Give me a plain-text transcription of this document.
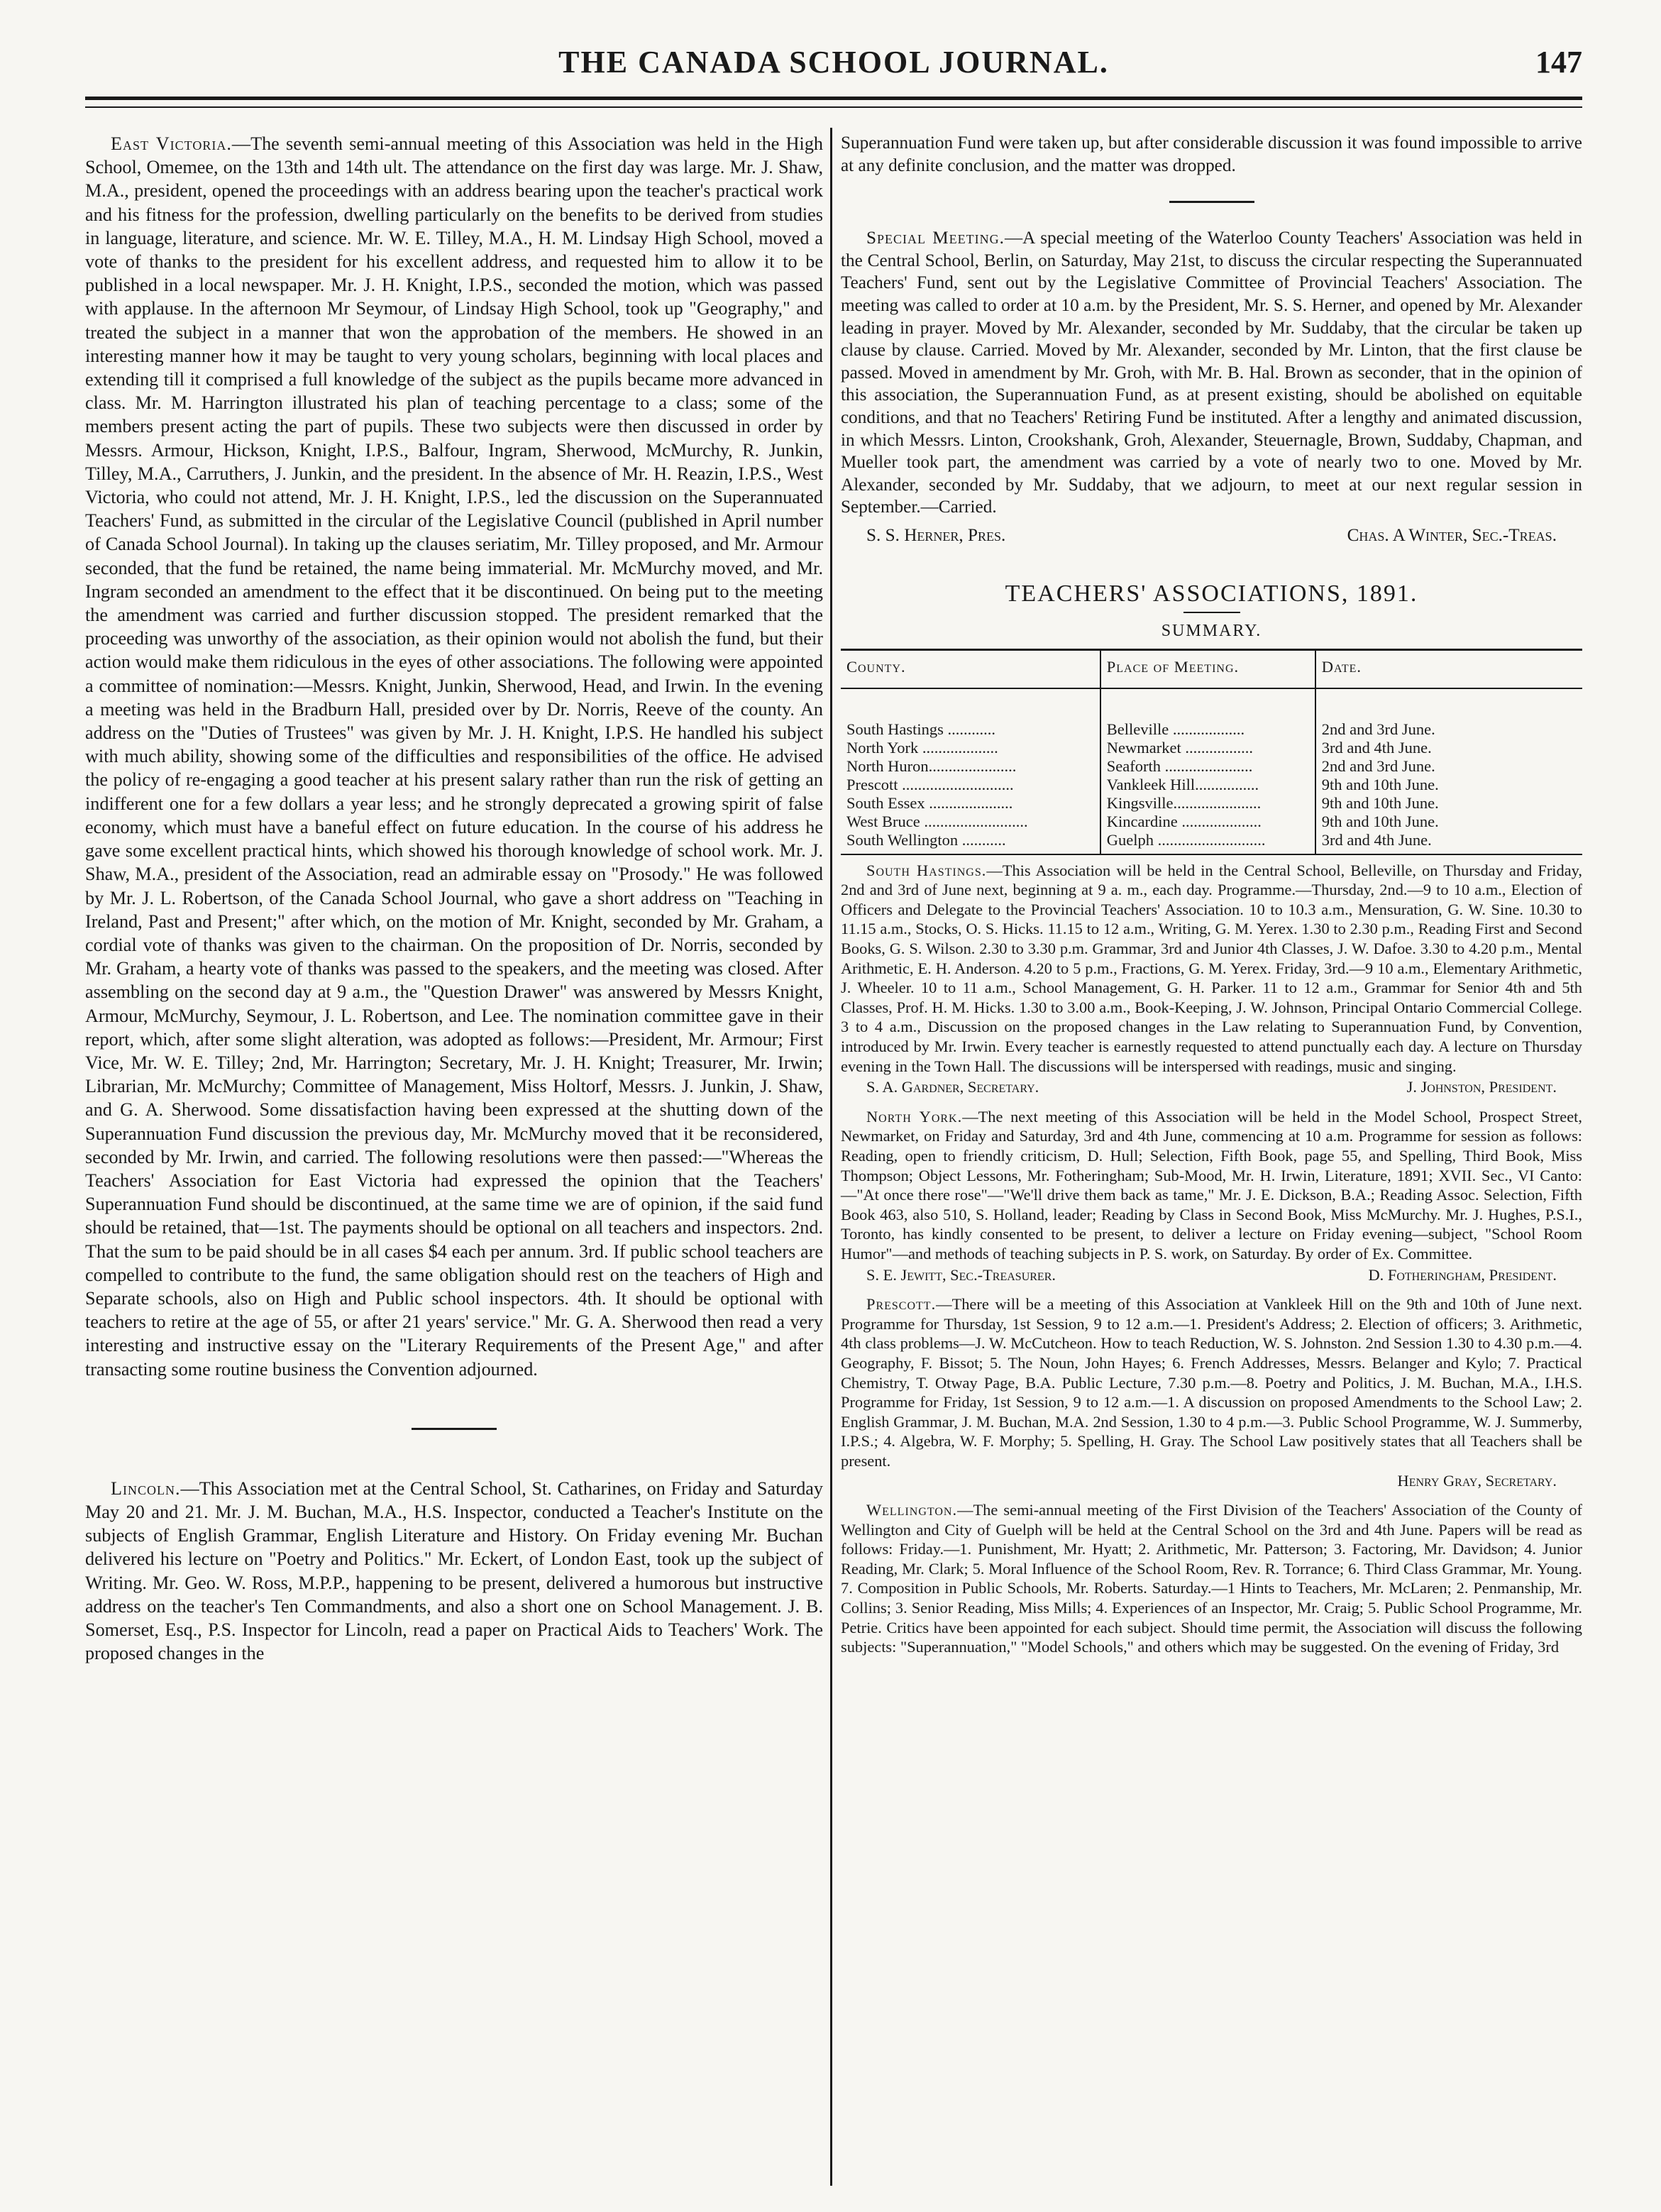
THE CANADA SCHOOL JOURNAL.	147

East Victoria.—The seventh semi-annual meeting of this Association was held in the High School, Omemee, on the 13th and 14th ult. The attendance on the first day was large. Mr. J. Shaw, M.A., president, opened the proceedings with an address bearing upon the teacher's practical work and his fitness for the profession, dwelling particularly on the benefits to be derived from studies in language, literature, and science. Mr. W. E. Tilley, M.A., H. M. Lindsay High School, moved a vote of thanks to the president for his excellent address, and requested him to allow it to be published in a local newspaper. Mr. J. H. Knight, I.P.S., seconded the motion, which was passed with applause. In the afternoon Mr Seymour, of Lindsay High School, took up "Geography," and treated the subject in a manner that won the approbation of the members. He showed in an interesting manner how it may be taught to very young scholars, beginning with local places and extending till it comprised a full knowledge of the subject as the pupils became more advanced in class. Mr. M. Harrington illustrated his plan of teaching percentage to a class; some of the members present acting the part of pupils. These two subjects were then discussed in order by Messrs. Armour, Hickson, Knight, I.P.S., Balfour, Ingram, Sherwood, McMurchy, R. Junkin, Tilley, M.A., Carruthers, J. Junkin, and the president. In the absence of Mr. H. Reazin, I.P.S., West Victoria, who could not attend, Mr. J. H. Knight, I.P.S., led the discussion on the Superannuated Teachers' Fund, as submitted in the circular of the Legislative Council (published in April number of Canada School Journal). In taking up the clauses seriatim, Mr. Tilley proposed, and Mr. Armour seconded, that the fund be retained, the name being immaterial. Mr. McMurchy moved, and Mr. Ingram seconded an amendment to the effect that it be discontinued. On being put to the meeting the amendment was carried and further discussion stopped. The president remarked that the proceeding was unworthy of the association, as their opinion would not abolish the fund, but their action would make them ridiculous in the eyes of other associations. The following were appointed a committee of nomination:—Messrs. Knight, Junkin, Sherwood, Head, and Irwin. In the evening a meeting was held in the Bradburn Hall, presided over by Dr. Norris, Reeve of the county. An address on the "Duties of Trustees" was given by Mr. J. H. Knight, I.P.S. He handled his subject with much ability, showing some of the difficulties and responsibilities of the office. He advised the policy of re-engaging a good teacher at his present salary rather than run the risk of getting an indifferent one for a few dollars a year less; and he strongly deprecated a growing spirit of false economy, which must have a baneful effect on future education. In the course of his address he gave some excellent practical hints, which showed his thorough knowledge of school work. Mr. J. Shaw, M.A., president of the Association, read an admirable essay on "Prosody." He was followed by Mr. J. L. Robertson, of the Canada School Journal, who gave a short address on "Teaching in Ireland, Past and Present;" after which, on the motion of Mr. Knight, seconded by Mr. Graham, a cordial vote of thanks was given to the chairman. On the proposition of Dr. Norris, seconded by Mr. Graham, a hearty vote of thanks was passed to the speakers, and the meeting was closed. After assembling on the second day at 9 a.m., the "Question Drawer" was answered by Messrs Knight, Armour, McMurchy, Seymour, J. L. Robertson, and Lee. The nomination committee gave in their report, which, after some slight alteration, was adopted as follows:—President, Mr. Armour; First Vice, Mr. W. E. Tilley; 2nd, Mr. Harrington; Secretary, Mr. J. H. Knight; Treasurer, Mr. Irwin; Librarian, Mr. McMurchy; Committee of Management, Miss Holtorf, Messrs. J. Junkin, J. Shaw, and G. A. Sherwood. Some dissatisfaction having been expressed at the shutting down of the Superannuation Fund discussion the previous day, Mr. McMurchy moved that it be reconsidered, seconded by Mr. Irwin, and carried. The following resolutions were then passed:—"Whereas the Teachers' Association for East Victoria had expressed the opinion that the Teachers' Superannuation Fund should be discontinued, at the same time we are of opinion, if the said fund should be retained, that—1st. The payments should be optional on all teachers and inspectors. 2nd. That the sum to be paid should be in all cases $4 each per annum. 3rd. If public school teachers are compelled to contribute to the fund, the same obligation should rest on the teachers of High and Separate schools, also on High and Public school inspectors. 4th. It should be optional with teachers to retire at the age of 55, or after 21 years' service." Mr. G. A. Sherwood then read a very interesting and instructive essay on the "Literary Requirements of the Present Age," and after transacting some routine business the Convention adjourned.

Lincoln.—This Association met at the Central School, St. Catharines, on Friday and Saturday May 20 and 21. Mr. J. M. Buchan, M.A., H.S. Inspector, conducted a Teacher's Institute on the subjects of English Grammar, English Literature and History. On Friday evening Mr. Buchan delivered his lecture on "Poetry and Politics." Mr. Eckert, of London East, took up the subject of Writing. Mr. Geo. W. Ross, M.P.P., happening to be present, delivered a humorous but instructive address on the teacher's Ten Commandments, and also a short one on School Management. J. B. Somerset, Esq., P.S. Inspector for Lincoln, read a paper on Practical Aids to Teachers' Work. The proposed changes in the

Superannuation Fund were taken up, but after considerable discussion it was found impossible to arrive at any definite conclusion, and the matter was dropped.

Special Meeting.—A special meeting of the Waterloo County Teachers' Association was held in the Central School, Berlin, on Saturday, May 21st, to discuss the circular respecting the Superannuated Teachers' Fund, sent out by the Legislative Committee of Provincial Teachers' Association. The meeting was called to order at 10 a.m. by the President, Mr. S. S. Herner, and opened by Mr. Alexander leading in prayer. Moved by Mr. Alexander, seconded by Mr. Suddaby, that the circular be taken up clause by clause. Carried. Moved by Mr. Alexander, seconded by Mr. Linton, that the first clause be passed. Moved in amendment by Mr. Groh, with Mr. B. Hal. Brown as seconder, that in the opinion of this association, the Superannuation Fund, as at present existing, should be abolished on equitable conditions, and that no Teachers' Retiring Fund be instituted. After a lengthy and animated discussion, in which Messrs. Linton, Crookshank, Groh, Alexander, Steuernagle, Brown, Suddaby, Chapman, and Mueller took part, the amendment was carried by a vote of nearly two to one. Moved by Mr. Alexander, seconded by Mr. Suddaby, that we adjourn, to meet at our next regular session in September.—Carried.

S. S. Herner, Pres.	Chas. A Winter, Sec.-Treas.
TEACHERS' ASSOCIATIONS, 1891.
SUMMARY.
County.	Place of Meeting.	Date.
South Hastings ............	Belleville ..................	2nd and 3rd June.
North York ...................	Newmarket .................	3rd and 4th June.
North Huron......................	Seaforth ......................	2nd and 3rd June.
Prescott ............................	Vankleek Hill................	9th and 10th June.
South Essex .....................	Kingsville......................	9th and 10th June.
West Bruce ..........................	Kincardine ....................	9th and 10th June.
South Wellington ...........	Guelph ...........................	3rd and 4th June.

South Hastings.—This Association will be held in the Central School, Belleville, on Thursday and Friday, 2nd and 3rd of June next, beginning at 9 a. m., each day. Programme.—Thursday, 2nd.—9 to 10 a.m., Election of Officers and Delegate to the Provincial Teachers' Association. 10 to 10.3 a.m., Mensuration, G. W. Sine. 10.30 to 11.15 a.m., Stocks, O. S. Hicks. 11.15 to 12 a.m., Writing, G. M. Yerex. 1.30 to 2.30 p.m., Reading First and Second Books, G. S. Wilson. 2.30 to 3.30 p.m. Grammar, 3rd and Junior 4th Classes, J. W. Dafoe. 3.30 to 4.20 p.m., Mental Arithmetic, E. H. Anderson. 4.20 to 5 p.m., Fractions, G. M. Yerex. Friday, 3rd.—9 10 a.m., Elementary Arithmetic, J. Wheeler. 10 to 11 a.m., School Management, G. H. Parker. 11 to 12 a.m., Grammar for Senior 4th and 5th Classes, Prof. H. M. Hicks. 1.30 to 3.00 a.m., Book-Keeping, J. W. Johnson, Principal Ontario Commercial College. 3 to 4 a.m., Discussion on the proposed changes in the Law relating to Superannuation Fund, by Convention, introduced by Mr. Irwin. Every teacher is earnestly requested to attend punctually each day. A lecture on Thursday evening in the Town Hall. The discussions will be interspersed with readings, music and singing.

S. A. Gardner, Secretary.	J. Johnston, President.

North York.—The next meeting of this Association will be held in the Model School, Prospect Street, Newmarket, on Friday and Saturday, 3rd and 4th June, commencing at 10 a.m. Programme for session as follows: Reading, open to friendly criticism, D. Hull; Selection, Fifth Book, page 55, and Spelling, Third Book, Miss Thompson; Object Lessons, Mr. Fotheringham; Sub-Mood, Mr. H. Irwin, Literature, 1891; XVII. Sec., VI Canto:—"At once there rose"—"We'll drive them back as tame," Mr. J. E. Dickson, B.A.; Reading Assoc. Selection, Fifth Book 463, also 510, S. Holland, leader; Reading by Class in Second Book, Miss McMurchy. Mr. J. Hughes, P.S.I., Toronto, has kindly consented to be present, to deliver a lecture on Friday evening—subject, "School Room Humor"—and methods of teaching subjects in P. S. work, on Saturday. By order of Ex. Committee.

S. E. Jewitt, Sec.-Treasurer.	D. Fotheringham, President.

Prescott.—There will be a meeting of this Association at Vankleek Hill on the 9th and 10th of June next. Programme for Thursday, 1st Session, 9 to 12 a.m.—1. President's Address; 2. Election of officers; 3. Arithmetic, 4th class problems—J. W. McCutcheon. How to teach Reduction, W. S. Johnston. 2nd Session 1.30 to 4.30 p.m.—4. Geography, F. Bissot; 5. The Noun, John Hayes; 6. French Addresses, Messrs. Belanger and Kylo; 7. Practical Chemistry, T. Otway Page, B.A. Public Lecture, 7.30 p.m.—8. Poetry and Politics, J. M. Buchan, M.A., I.H.S. Programme for Friday, 1st Session, 9 to 12 a.m.—1. A discussion on proposed Amendments to the School Law; 2. English Grammar, J. M. Buchan, M.A. 2nd Session, 1.30 to 4 p.m.—3. Public School Programme, W. J. Summerby, I.P.S.; 4. Algebra, W. F. Morphy; 5. Spelling, H. Gray. The School Law positively states that all Teachers shall be present.

Henry Gray, Secretary.

Wellington.—The semi-annual meeting of the First Division of the Teachers' Association of the County of Wellington and City of Guelph will be held at the Central School on the 3rd and 4th June. Papers will be read as follows: Friday.—1. Punishment, Mr. Hyatt; 2. Arithmetic, Mr. Patterson; 3. Factoring, Mr. Davidson; 4. Junior Reading, Mr. Clark; 5. Moral Influence of the School Room, Rev. R. Torrance; 6. Third Class Grammar, Mr. Young. 7. Composition in Public Schools, Mr. Roberts. Saturday.—1 Hints to Teachers, Mr. McLaren; 2. Penmanship, Mr. Collins; 3. Senior Reading, Miss Mills; 4. Experiences of an Inspector, Mr. Craig; 5. Public School Programme, Mr. Petrie. Critics have been appointed for each subject. Should time permit, the Association will discuss the following subjects: "Superannuation," "Model Schools," and others which may be suggested. On the evening of Friday, 3rd
